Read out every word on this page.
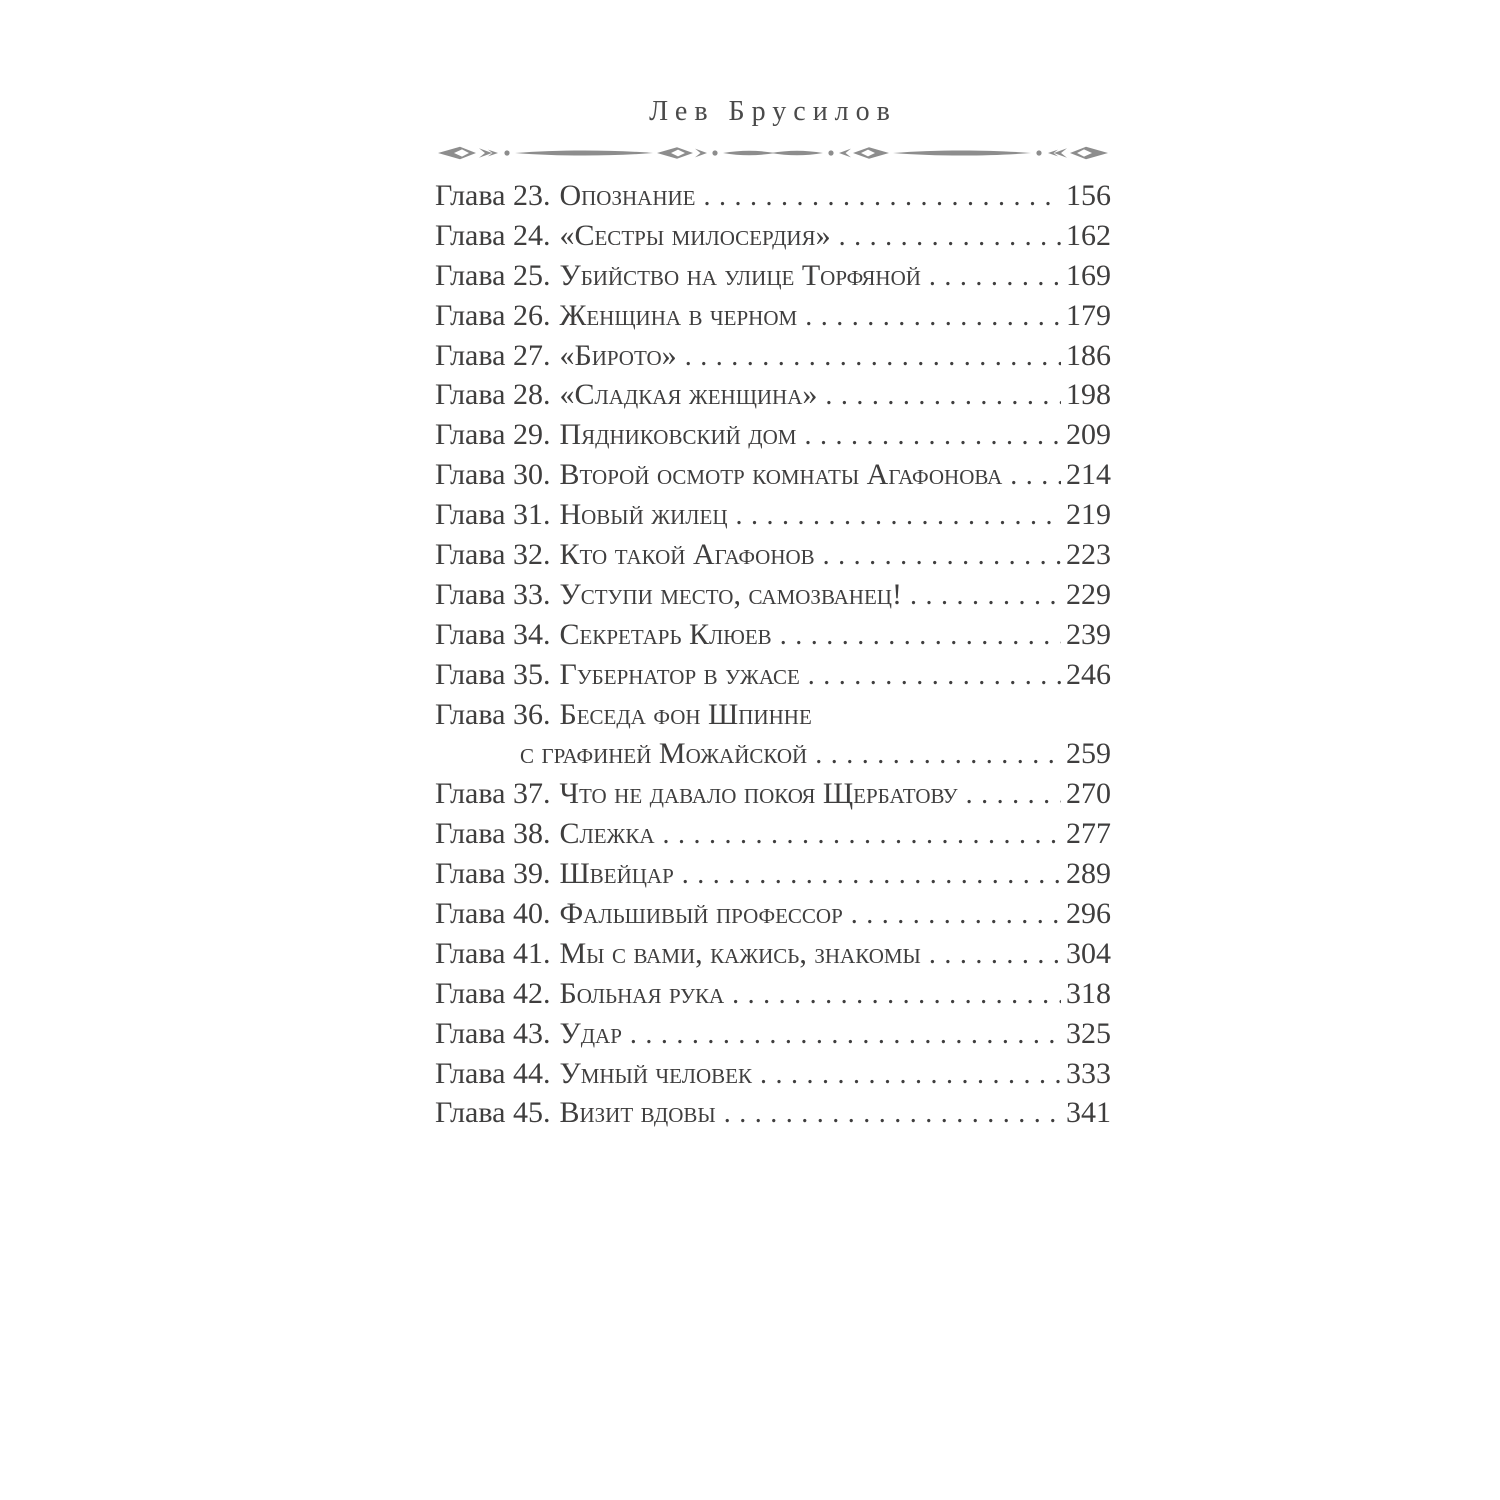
Лев Брусилов
Глава 23. Опознание .....	156
Глава 24. «Сестры милосердия» .....	162
Глава 25. Убийство на улице Торфяной .....	169
Глава 26. Женщина в черном .....	179
Глава 27. «Бирото» .....	186
Глава 28. «Сладкая женщина» .....	198
Глава 29. Пядниковский дом .....	209
Глава 30. Второй осмотр комнаты Агафонова ..... 214
Глава 31. Новый жилец .....	219
Глава 32. Кто такой Агафонов .....	223
Глава 33. Уступи место, самозванец! .....	229
Глава 34. Секретарь Клюев .....	239
Глава 35. Губернатор в ужасе .....	246
Глава 36. Беседа фон Шпинне
с графиней Можайской .....	259
Глава 37. Что не давало покоя Щербатову .....	270
Глава 38. Слежка .....	277
Глава 39. Швейцар .....	289
Глава 40. Фальшивый профессор .....	296
Глава 41. Мы с вами, кажись, знакомы .....	304
Глава 42. Больная рука .....	318
Глава 43. Удар .....	325
Глава 44. Умный человек .....	333
Глава 45. Визит вдовы .....	341
